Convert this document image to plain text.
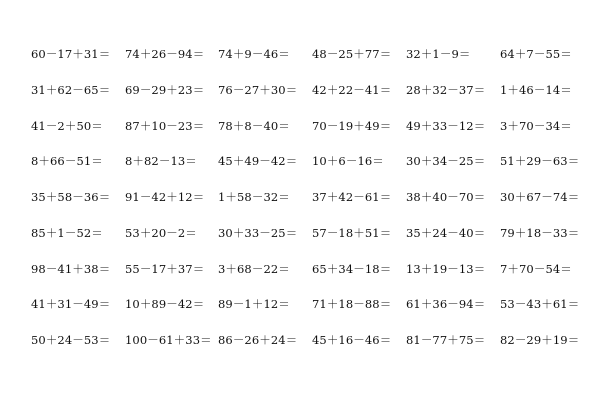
60－17＋31＝ 74＋26－94＝ 74＋9－46＝ 48－25＋77＝ 32＋1－9＝	64＋7－55＝
31＋62－65＝ 69－29＋23＝ 76－27＋30＝ 42＋22－41＝ 28＋32－37＝ 1＋46－14＝
41－2＋50＝ 87＋10－23＝ 78＋8－40＝ 70－19＋49＝ 49＋33－12＝ 3＋70－34＝
8＋66－51＝ 8＋82－13＝ 45＋49－42＝ 10＋6－16＝ 30＋34－25＝ 51＋29－63＝
35＋58－36＝ 91－42＋12＝ 1＋58－32＝ 37＋42－61＝ 38＋40－70＝ 30＋67－74＝
85＋1－52＝ 53＋20－2＝ 30＋33－25＝ 57－18＋51＝ 35＋24－40＝ 79＋18－33＝
98－41＋38＝ 55－17＋37＝ 3＋68－22＝ 65＋34－18＝ 13＋19－13＝ 7＋70－54＝
41＋31－49＝ 10＋89－42＝ 89－1＋12＝ 71＋18－88＝ 61＋36－94＝ 53－43＋61＝
50＋24－53＝ 100－61＋33＝ 86－26＋24＝ 45＋16－46＝ 81－77＋75＝ 82－29＋19＝
